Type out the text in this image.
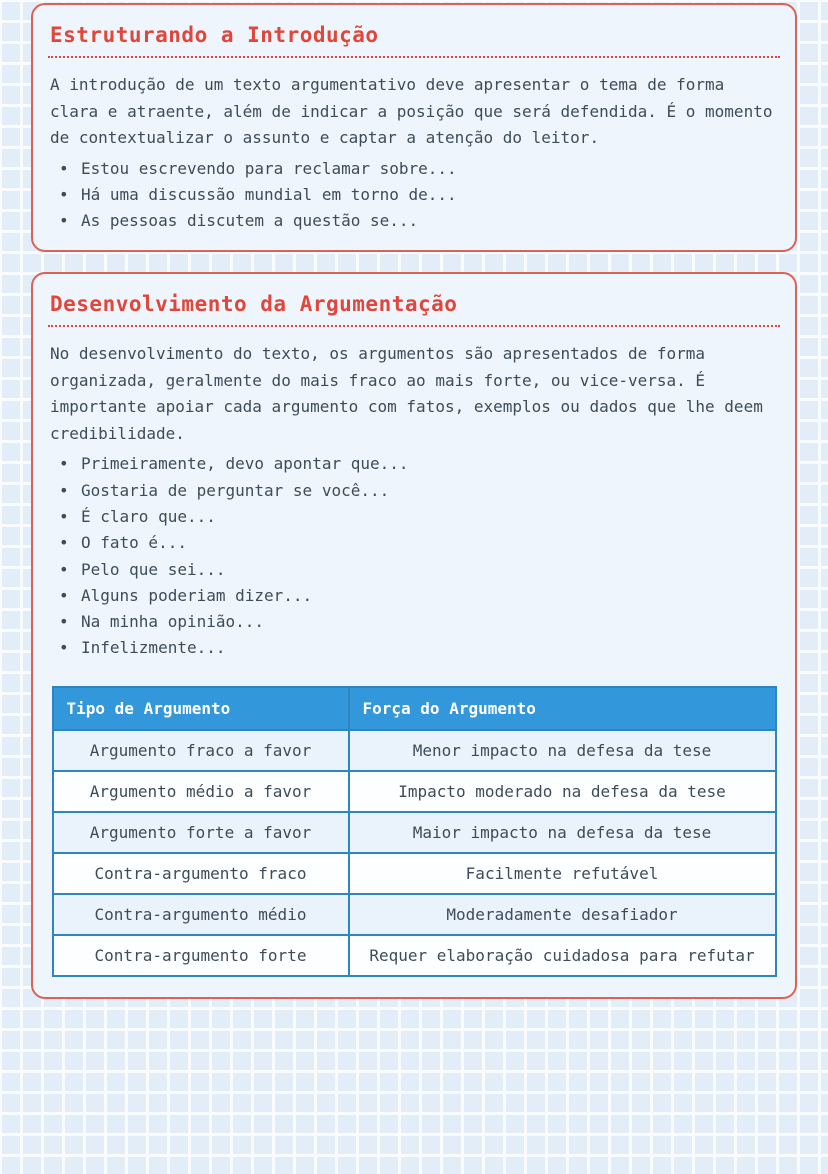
Estruturando a Introdução

A introdução de um texto argumentativo deve apresentar o tema de forma clara e atraente, além de indicar a posição que será defendida. É o momento de contextualizar o assunto e captar a atenção do leitor.

• Estou escrevendo para reclamar sobre...
• Há uma discussão mundial em torno de...
• As pessoas discutem a questão se...
Desenvolvimento da Argumentação

No desenvolvimento do texto, os argumentos são apresentados de forma organizada, geralmente do mais fraco ao mais forte, ou vice-versa. É importante apoiar cada argumento com fatos, exemplos ou dados que lhe deem credibilidade.

• Primeiramente, devo apontar que...
• Gostaria de perguntar se você...
• É claro que...
• O fato é...
• Pelo que sei...
• Alguns poderiam dizer...
• Na minha opinião...
• Infelizmente...
Tipo de Argumento	Força do Argumento
Argumento fraco a favor	Menor impacto na defesa da tese
Argumento médio a favor	Impacto moderado na defesa da tese
Argumento forte a favor	Maior impacto na defesa da tese
Contra-argumento fraco	Facilmente refutável
Contra-argumento médio	Moderadamente desafiador
Contra-argumento forte	Requer elaboração cuidadosa para refutar
